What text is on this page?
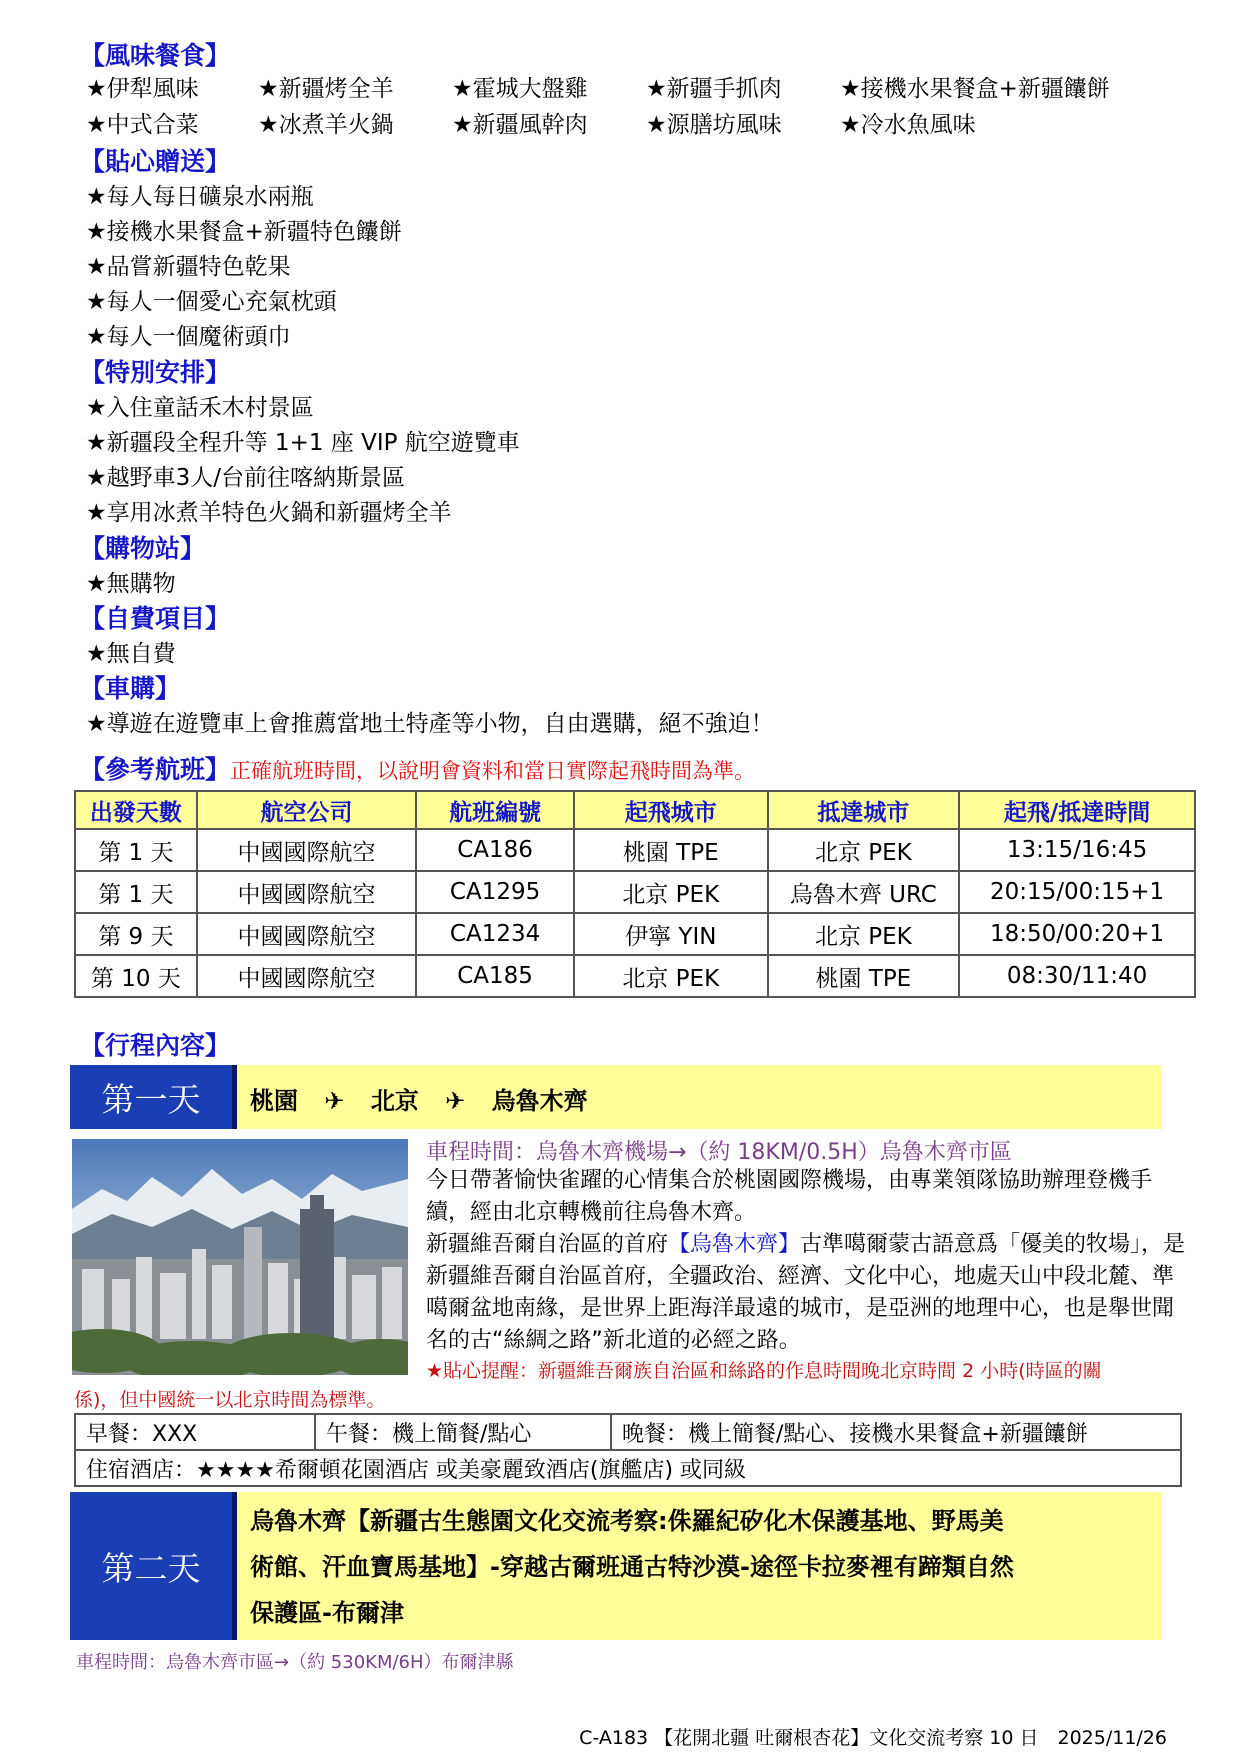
【風味餐食】
★伊犁風味	★新疆烤全羊	★霍城大盤雞	★新疆手抓肉	★接機水果餐盒+新疆饢餅
★中式合菜	★冰煮羊火鍋	★新疆風幹肉	★源膳坊風味	★冷水魚風味
【貼心贈送】
★每人每日礦泉水兩瓶
★接機水果餐盒+新疆特色饢餅
★品嘗新疆特色乾果
★每人一個愛心充氣枕頭
★每人一個魔術頭巾
【特別安排】
★入住童話禾木村景區
★新疆段全程升等 1+1 座 VIP 航空遊覽車
★越野車3人/台前往喀納斯景區
★享用冰煮羊特色火鍋和新疆烤全羊
【購物站】
★無購物
【自費項目】
★無自費
【車購】
★導遊在遊覽車上會推薦當地土特產等小物，自由選購，絕不強迫！
【參考航班】正確航班時間，以說明會資料和當日實際起飛時間為準。
出發天數	航空公司	航班編號	起飛城市	抵達城市	起飛/抵達時間
第 1 天	中國國際航空	CA186	桃園 TPE	北京 PEK	13:15/16:45
第 1 天	中國國際航空	CA1295	北京 PEK	烏魯木齊 URC	20:15/00:15+1
第 9 天	中國國際航空	CA1234	伊寧 YIN	北京 PEK	18:50/00:20+1
第 10 天	中國國際航空	CA185	北京 PEK	桃園 TPE	08:30/11:40
【行程內容】
第一天	桃園 ✈ 北京 ✈ 烏魯木齊
車程時間：烏魯木齊機場→（約 18KM/0.5H）烏魯木齊市區
今日帶著愉快雀躍的心情集合於桃園國際機場，由專業領隊協助辦理登機手續，經由北京轉機前往烏魯木齊。
新疆維吾爾自治區的首府【烏魯木齊】古準噶爾蒙古語意爲「優美的牧場」，是新疆維吾爾自治區首府，全疆政治、經濟、文化中心，地處天山中段北麓、準噶爾盆地南緣，是世界上距海洋最遠的城市，是亞洲的地理中心，也是舉世聞名的古“絲綢之路”新北道的必經之路。
★貼心提醒：新疆維吾爾族自治區和絲路的作息時間晚北京時間 2 小時(時區的關
係)，但中國統一以北京時間為標準。
早餐：XXX	午餐：機上簡餐/點心	晚餐：機上簡餐/點心、接機水果餐盒+新疆饢餅
住宿酒店：★★★★希爾頓花園酒店 或美豪麗致酒店(旗艦店) 或同級
第二天
烏魯木齊【新疆古生態園文化交流考察:侏羅紀矽化木保護基地、野馬美
術館、汗血寶馬基地】-穿越古爾班通古特沙漠-途徑卡拉麥裡有蹄類自然
保護區-布爾津
車程時間：烏魯木齊市區→（約 530KM/6H）布爾津縣
C-A183 【花開北疆 吐爾根杏花】文化交流考察 10 日　2025/11/26
